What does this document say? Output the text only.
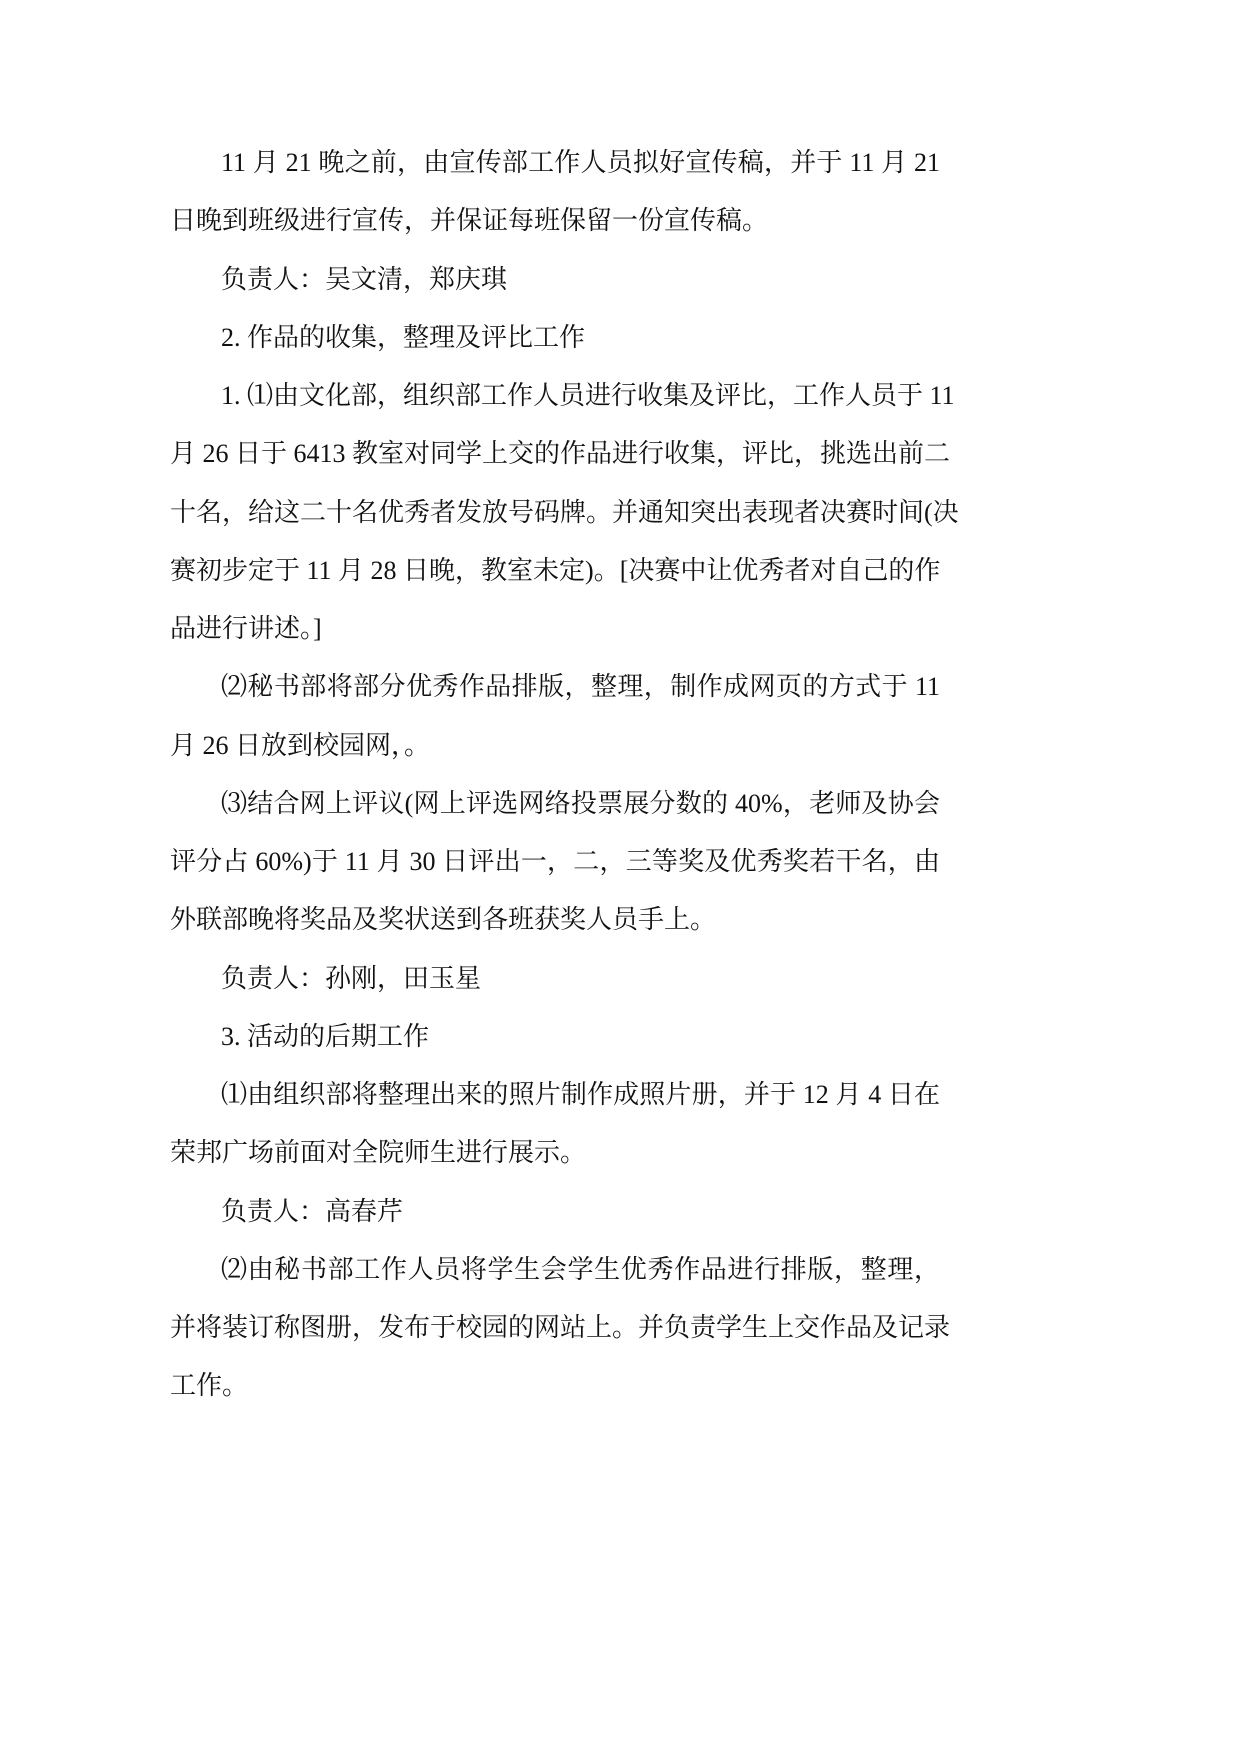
11 月 21 晚之前，由宣传部工作人员拟好宣传稿，并于 11 月 21
日晚到班级进行宣传，并保证每班保留一份宣传稿。
负责人：吴文清，郑庆琪
2. 作品的收集，整理及评比工作
1. ⑴由文化部，组织部工作人员进行收集及评比，工作人员于 11
月 26 日于 6413 教室对同学上交的作品进行收集，评比，挑选出前二
十名，给这二十名优秀者发放号码牌。并通知突出表现者决赛时间(决
赛初步定于 11 月 28 日晚，教室未定)。[决赛中让优秀者对自己的作
品进行讲述。]
⑵秘书部将部分优秀作品排版，整理，制作成网页的方式于 11
月 26 日放到校园网，。
⑶结合网上评议(网上评选网络投票展分数的 40%，老师及协会
评分占 60%)于 11 月 30 日评出一，二，三等奖及优秀奖若干名，由
外联部晚将奖品及奖状送到各班获奖人员手上。
负责人：孙刚，田玉星
3. 活动的后期工作
⑴由组织部将整理出来的照片制作成照片册，并于 12 月 4 日在
荣邦广场前面对全院师生进行展示。
负责人：高春芹
⑵由秘书部工作人员将学生会学生优秀作品进行排版，整理，
并将装订称图册，发布于校园的网站上。并负责学生上交作品及记录
工作。
